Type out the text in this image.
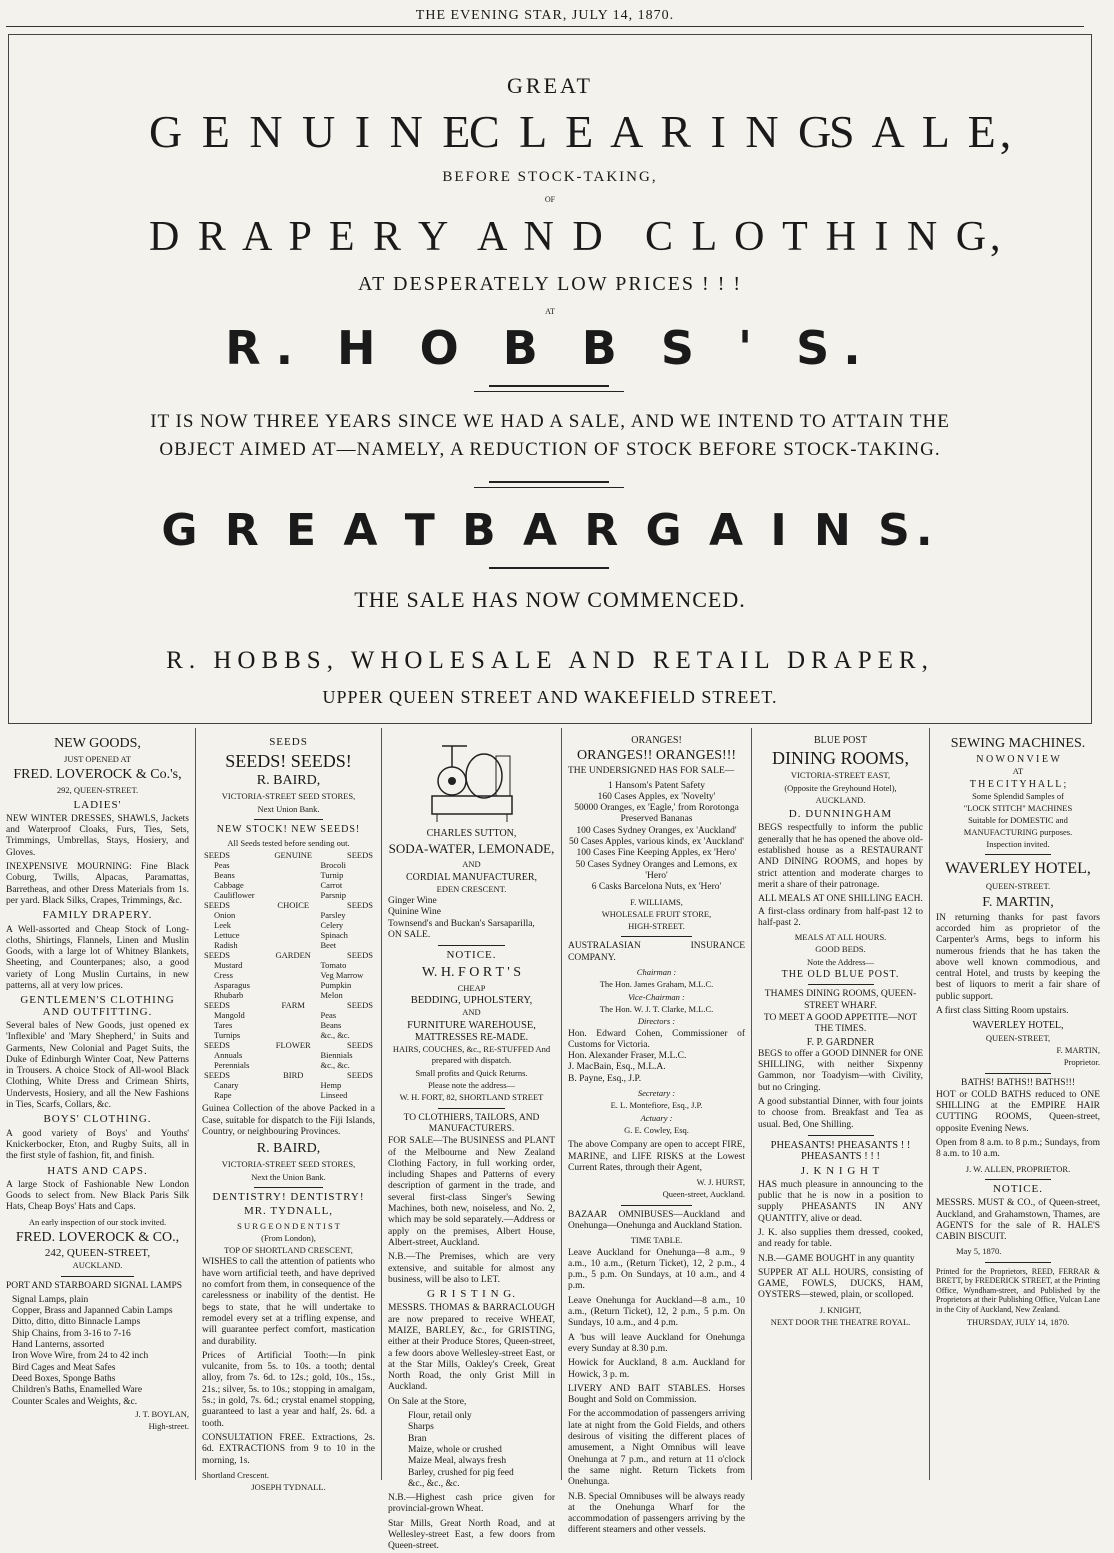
THE EVENING STAR, JULY 14, 1870.
GREAT
G E N U I N E
C L E A R I N G
S A L E,
BEFORE STOCK-TAKING,
OF
D R A P E R Y A N D C L O T H I N G,
AT DESPERATELY LOW PRICES ! ! !
AT
R. H O B B S ' S.
IT IS NOW THREE YEARS SINCE WE HAD A SALE, AND WE INTEND TO ATTAIN THE
OBJECT AIMED AT—NAMELY, A REDUCTION OF STOCK BEFORE STOCK-TAKING.
G R E A T B A R G A I N S.
THE SALE HAS NOW COMMENCED.
R. HOBBS, WHOLESALE AND RETAIL DRAPER,
UPPER QUEEN STREET AND WAKEFIELD STREET.
NEW GOODS,
JUST OPENED AT
FRED. LOVEROCK & Co.'s,
292, QUEEN-STREET.
LADIES'

NEW WINTER DRESSES, SHAWLS, Jackets and Waterproof Cloaks, Furs, Ties, Sets, Trimmings, Umbrellas, Stays, Hosiery, and Gloves.

INEXPENSIVE MOURNING: Fine Black Coburg, Twills, Alpacas, Paramattas, Barretheas, and other Dress Materials from 1s. per yard. Black Silks, Crapes, Trimmings, &c.

FAMILY DRAPERY.

A Well-assorted and Cheap Stock of Long-cloths, Shirtings, Flannels, Linen and Muslin Goods, with a large lot of Whitney Blankets, Sheeting, and Counterpanes; also, a good variety of Long Muslin Curtains, in new patterns, all at very low prices.

GENTLEMEN'S CLOTHING AND OUTFITTING.

Several bales of New Goods, just opened ex 'Inflexible' and 'Mary Shepherd,' in Suits and Garments, New Colonial and Paget Suits, the Duke of Edinburgh Winter Coat, New Patterns in Trousers. A choice Stock of All-wool Black Clothing, White Dress and Crimean Shirts, Undervests, Hosiery, and all the New Fashions in Ties, Scarfs, Collars, &c.

BOYS' CLOTHING.

A good variety of Boys' and Youths' Knickerbocker, Eton, and Rugby Suits, all in the first style of fashion, fit, and finish.

HATS AND CAPS.

A large Stock of Fashionable New London Goods to select from. New Black Paris Silk Hats, Cheap Boys' Hats and Caps.

An early inspection of our stock invited.
FRED. LOVEROCK & CO.,
242, QUEEN-STREET,
AUCKLAND.

PORT AND STARBOARD SIGNAL LAMPS

Signal Lamps, plain
Copper, Brass and Japanned Cabin Lamps
Ditto, ditto, ditto Binnacle Lamps
Ship Chains, from 3-16 to 7-16
Hand Lanterns, assorted
Iron Wove Wire, from 24 to 42 inch
Bird Cages and Meat Safes
Deed Boxes, Sponge Baths
Children's Baths, Enamelled Ware
Counter Scales and Weights, &c.
J. T. BOYLAN,
High-street.
SEEDS
SEEDS! SEEDS!
R. BAIRD,
VICTORIA-STREET SEED STORES,
Next Union Bank.
NEW STOCK! NEW SEEDS!
All Seeds tested before sending out.
SEEDS	GENUINE	SEEDS
Peas		Brocoli
Beans		Turnip
Cabbage		Carrot
Cauliflower		Parsnip
SEEDS	CHOICE	SEEDS
Onion		Parsley
Leek		Celery
Lettuce		Spinach
Radish		Beet
SEEDS	GARDEN	SEEDS
Mustard		Tomato
Cress		Veg Marrow
Asparagus		Pumpkin
Rhubarb		Melon
SEEDS	FARM	SEEDS
Mangold		Peas
Tares		Beans
Turnips		&c., &c.
SEEDS	FLOWER	SEEDS
Annuals		Biennials
Perennials		&c., &c.
SEEDS	BIRD	SEEDS
Canary		Hemp
Rape		Linseed

Guinea Collection of the above Packed in a Case, suitable for dispatch to the Fiji Islands, Country, or neighbouring Provinces.

R. BAIRD,
VICTORIA-STREET SEED STORES,
Next the Union Bank.
DENTISTRY! DENTISTRY!
MR. TYDNALL,
S U R G E O N D E N T I S T
(From London),
TOP OF SHORTLAND CRESCENT,

WISHES to call the attention of patients who have worn artificial teeth, and have deprived no comfort from them, in consequence of the carelessness or inability of the dentist. He begs to state, that he will undertake to remodel every set at a trifling expense, and will guarantee perfect comfort, mastication and durability.

Prices of Artificial Tooth:—In pink vulcanite, from 5s. to 10s. a tooth; dental alloy, from 7s. 6d. to 12s.; gold, 10s., 15s., 21s.; silver, 5s. to 10s.; stopping in amalgam, 5s.; in gold, 7s. 6d.; crystal enamel stopping, guaranteed to last a year and half, 2s. 6d. a tooth.

CONSULTATION FREE. Extractions, 2s. 6d. EXTRACTIONS from 9 to 10 in the morning, 1s.

Shortland Crescent.
JOSEPH TYDNALL.
CHARLES SUTTON,
SODA-WATER, LEMONADE,
AND
CORDIAL MANUFACTURER,
EDEN CRESCENT.

Ginger Wine
Quinine Wine
Townsend's and Buckan's Sarsaparilla,
ON SALE.

NOTICE.
W. H. F O R T ' S
CHEAP
BEDDING, UPHOLSTERY,
AND
FURNITURE WAREHOUSE,
MATTRESSES RE-MADE.
HAIRS, COUCHES, &c., RE-STUFFED And prepared with dispatch.
Small profits and Quick Returns.
Please note the address—
W. H. FORT, 82, SHORTLAND STREET
TO CLOTHIERS, TAILORS, AND MANUFACTURERS.

FOR SALE—The BUSINESS and PLANT of the Melbourne and New Zealand Clothing Factory, in full working order, including Shapes and Patterns of every description of garment in the trade, and several first-class Singer's Sewing Machines, both new, noiseless, and No. 2, which may be sold separately.—Address or apply on the premises, Albert House, Albert-street, Auckland.

N.B.—The Premises, which are very extensive, and suitable for almost any business, will be also to LET.

G R I S T I N G.

MESSRS. THOMAS & BARRACLOUGH are now prepared to receive WHEAT, MAIZE, BARLEY, &c., for GRISTING, either at their Produce Stores, Queen-street, a few doors above Wellesley-street East, or at the Star Mills, Oakley's Creek, Great North Road, the only Grist Mill in Auckland.

On Sale at the Store,

Flour, retail only
Sharps
Bran
Maize, whole or crushed
Maize Meal, always fresh
Barley, crushed for pig feed
&c., &c., &c.

N.B.—Highest cash price given for provincial-grown Wheat.

Star Mills, Great North Road, and at Wellesley-street East, a few doors from Queen-street.

ORANGES!
ORANGES!! ORANGES!!!

THE UNDERSIGNED HAS FOR SALE—

1 Hansom's Patent Safety
160 Cases Apples, ex 'Novelty'
50000 Oranges, ex 'Eagle,' from Rorotonga
Preserved Bananas
100 Cases Sydney Oranges, ex 'Auckland'
50 Cases Apples, various kinds, ex 'Auckland'
100 Cases Fine Keeping Apples, ex 'Hero'
50 Cases Sydney Oranges and Lemons, ex 'Hero'
6 Casks Barcelona Nuts, ex 'Hero'

F. WILLIAMS,
WHOLESALE FRUIT STORE,
HIGH-STREET.

AUSTRALASIAN INSURANCE COMPANY.

Chairman :
The Hon. James Graham, M.L.C.
Vice-Chairman :
The Hon. W. J. T. Clarke, M.L.C.
Directors :

Hon. Edward Cohen, Commissioner of Customs for Victoria.
Hon. Alexander Fraser, M.L.C.
J. MacBain, Esq., M.L.A.
B. Payne, Esq., J.P.

Secretary :
E. L. Montefiore, Esq., J.P.
Actuary :
G. E. Cowley, Esq.

The above Company are open to accept FIRE, MARINE, and LIFE RISKS at the Lowest Current Rates, through their Agent,

W. J. HURST,
Queen-street, Auckland.

BAZAAR OMNIBUSES—Auckland and Onehunga—Onehunga and Auckland Station.

TIME TABLE.

Leave Auckland for Onehunga—8 a.m., 9 a.m., 10 a.m., (Return Ticket), 12, 2 p.m., 4 p.m., 5 p.m. On Sundays, at 10 a.m., and 4 p.m.

Leave Onehunga for Auckland—8 a.m., 10 a.m., (Return Ticket), 12, 2 p.m., 5 p.m. On Sundays, 10 a.m., and 4 p.m.

A 'bus will leave Auckland for Onehunga every Sunday at 8.30 p.m.

Howick for Auckland, 8 a.m. Auckland for Howick, 3 p. m.

LIVERY AND BAIT STABLES. Horses Bought and Sold on Commission.

For the accommodation of passengers arriving late at night from the Gold Fields, and others desirous of visiting the different places of amusement, a Night Omnibus will leave Onehunga at 7 p.m., and return at 11 o'clock the same night. Return Tickets from Onehunga.

N.B. Special Omnibuses will be always ready at the Onehunga Wharf for the accommodation of passengers arriving by the different steamers and other vessels.

BLUE POST
DINING ROOMS,
VICTORIA-STREET EAST,
(Opposite the Greyhound Hotel),
AUCKLAND.
D. DUNNINGHAM

BEGS respectfully to inform the public generally that he has opened the above old-established house as a RESTAURANT AND DINING ROOMS, and hopes by strict attention and moderate charges to merit a share of their patronage.

ALL MEALS AT ONE SHILLING EACH.

A first-class ordinary from half-past 12 to half-past 2.

MEALS AT ALL HOURS.
GOOD BEDS.
Note the Address—
THE OLD BLUE POST.
THAMES DINING ROOMS, QUEEN-STREET WHARF.
TO MEET A GOOD APPETITE—NOT THE TIMES.
F. P. GARDNER

BEGS to offer a GOOD DINNER for ONE SHILLING, with neither Sixpenny Gammon, nor Toadyism—with Civility, but no Cringing.

A good substantial Dinner, with four joints to choose from. Breakfast and Tea as usual. Bed, One Shilling.

PHEASANTS! PHEASANTS ! ! PHEASANTS ! ! !
J. K N I G H T

HAS much pleasure in announcing to the public that he is now in a position to supply PHEASANTS IN ANY QUANTITY, alive or dead.

J. K. also supplies them dressed, cooked, and ready for table.

N.B.—GAME BOUGHT in any quantity

SUPPER AT ALL HOURS, consisting of GAME, FOWLS, DUCKS, HAM, OYSTERS—stewed, plain, or scolloped.

J. KNIGHT,
NEXT DOOR THE THEATRE ROYAL.
SEWING MACHINES.
N O W O N V I E W
AT
T H E C I T Y H A L L ;
Some Splendid Samples of
"LOCK STITCH" MACHINES
Suitable for DOMESTIC and MANUFACTURING purposes.
Inspection invited.
WAVERLEY HOTEL,
QUEEN-STREET.
F. MARTIN,

IN returning thanks for past favors accorded him as proprietor of the Carpenter's Arms, begs to inform his numerous friends that he has taken the above well known commodious, and central Hotel, and trusts by keeping the best of liquors to merit a fair share of public support.

A first class Sitting Room upstairs.

WAVERLEY HOTEL,
QUEEN-STREET,
F. MARTIN,
Proprietor.
BATHS! BATHS!! BATHS!!!

HOT or COLD BATHS reduced to ONE SHILLING at the EMPIRE HAIR CUTTING ROOMS, Queen-street, opposite Evening News.

Open from 8 a.m. to 8 p.m.; Sundays, from 8 a.m. to 10 a.m.

J. W. ALLEN, PROPRIETOR.
NOTICE.

MESSRS. MUST & CO., of Queen-street, Auckland, and Grahamstown, Thames, are AGENTS for the sale of R. HALE'S CABIN BISCUIT.

May 5, 1870.

Printed for the Proprietors, REED, FERRAR & BRETT, by FREDERICK STREET, at the Printing Office, Wyndham-street, and Published by the Proprietors at their Publishing Office, Vulcan Lane in the City of Auckland, New Zealand.

THURSDAY, JULY 14, 1870.
